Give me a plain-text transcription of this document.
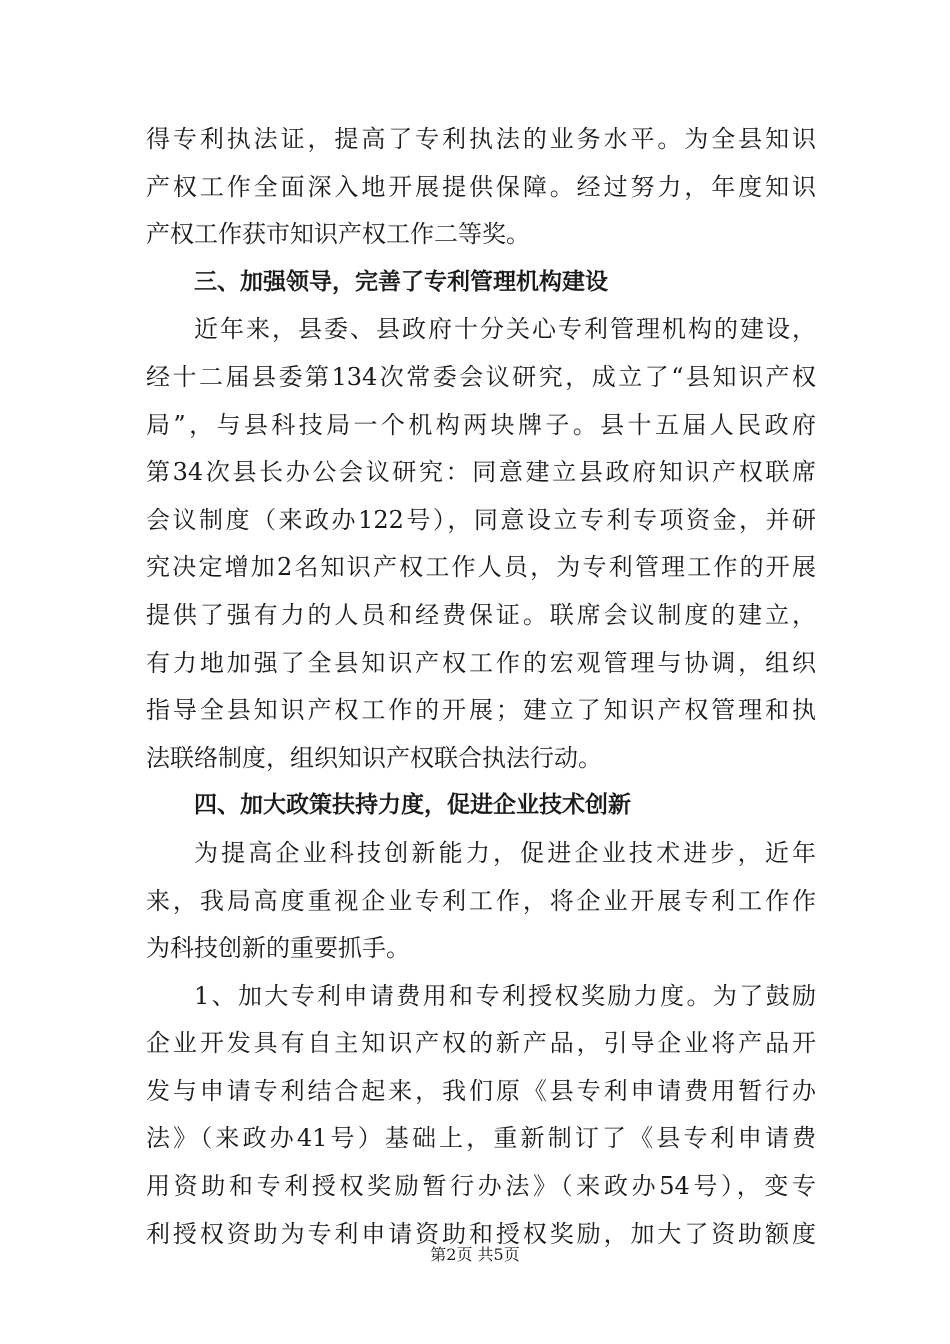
得专利执法证，提高了专利执法的业务水平。为全县知识
产权工作全面深入地开展提供保障。经过努力，年度知识
产权工作获市知识产权工作二等奖。
三、加强领导，完善了专利管理机构建设
近年来，县委、县政府十分关心专利管理机构的建设，
经十二届县委第134次常委会议研究，成立了“县知识产权
局”，与县科技局一个机构两块牌子。县十五届人民政府
第34次县长办公会议研究：同意建立县政府知识产权联席
会议制度（来政办122号），同意设立专利专项资金，并研
究决定增加2名知识产权工作人员，为专利管理工作的开展
提供了强有力的人员和经费保证。联席会议制度的建立，
有力地加强了全县知识产权工作的宏观管理与协调，组织
指导全县知识产权工作的开展；建立了知识产权管理和执
法联络制度，组织知识产权联合执法行动。
四、加大政策扶持力度，促进企业技术创新
为提高企业科技创新能力，促进企业技术进步，近年
来，我局高度重视企业专利工作，将企业开展专利工作作
为科技创新的重要抓手。
1、加大专利申请费用和专利授权奖励力度。为了鼓励
企业开发具有自主知识产权的新产品，引导企业将产品开
发与申请专利结合起来，我们原《县专利申请费用暂行办
法》（来政办41号）基础上，重新制订了《县专利申请费
用资助和专利授权奖励暂行办法》（来政办54号），变专
利授权资助为专利申请资助和授权奖励，加大了资助额度
第2页 共5页
